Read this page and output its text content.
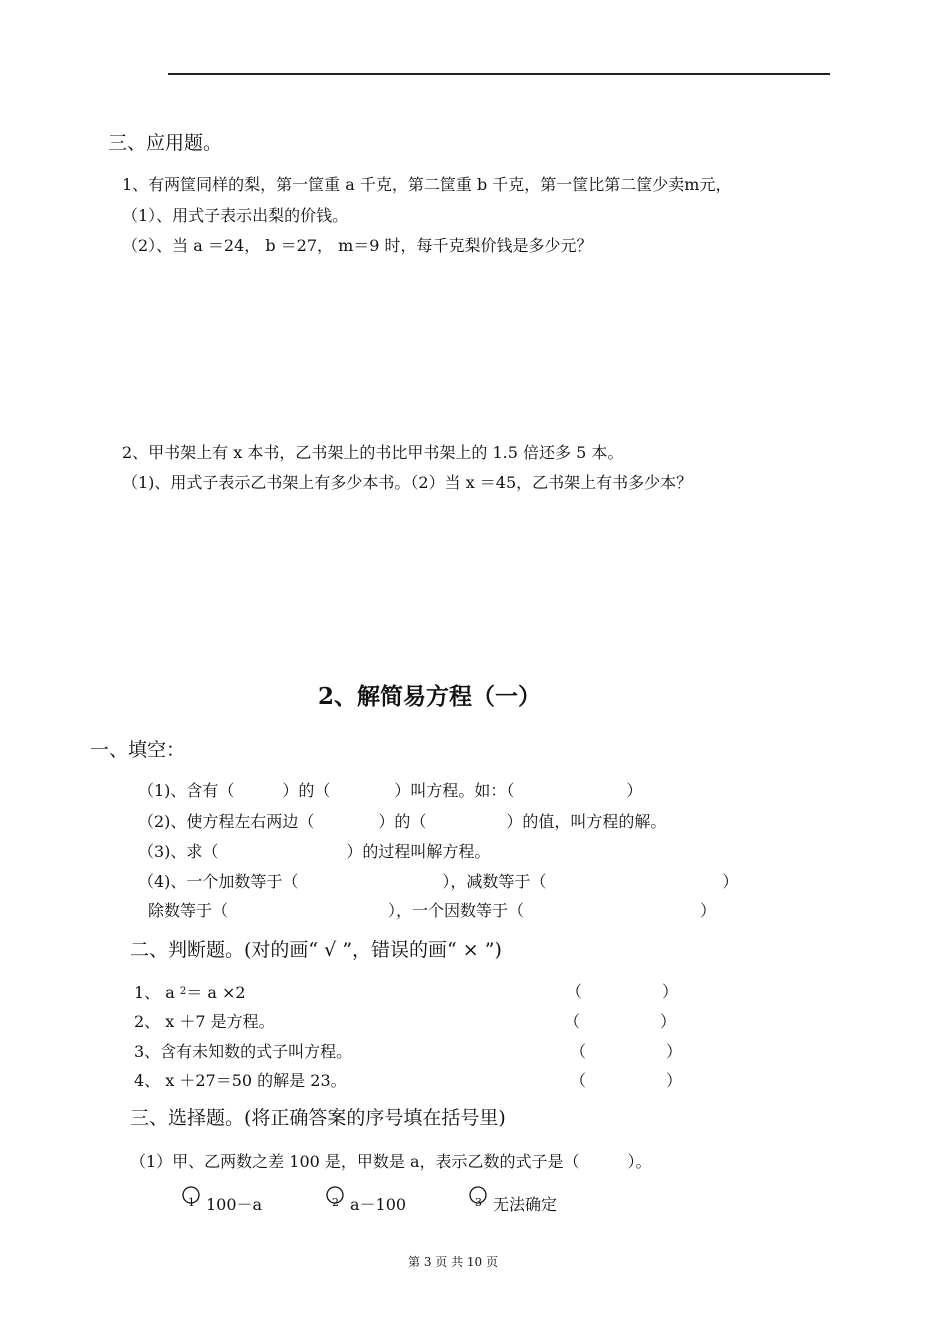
三、应用题。
1、有两筐同样的梨，第一筐重 a 千克，第二筐重 b 千克，第一筐比第二筐少卖m元，
（1）、用式子表示出梨的价钱。
（2）、当 a ＝24， b ＝27， m＝9 时，每千克梨价钱是多少元？
2、甲书架上有 x 本书，乙书架上的书比甲书架上的 1.5 倍还多 5 本。
（1)、用式子表示乙书架上有多少本书。（2）当 x ＝45，乙书架上有书多少本？
2、解简易方程（一）
一、填空：
（1)、含有（　　　）的（　　　　）叫方程。如：（　　　　　　　）
（2)、使方程左右两边（　　　　）的（　　　　　）的值，叫方程的解。
（3)、求（　　　　　　　　）的过程叫解方程。
（4)、一个加数等于（　　　　　　　　　），减数等于（　　　　　　　　　　　）
除数等于（　　　　　　　　　　），一个因数等于（　　　　　　　　　　　）
二、判断题。(对的画“ √ ”，错误的画“ × ”)
1、 a $^2$＝ a ×2	（　　　　　）
2、 x ＋7 是方程。	（　　　　　）
3、含有未知数的式子叫方程。	（　　　　　）
4、 x ＋27＝50 的解是 23。	（　　　　　）
三、选择题。(将正确答案的序号填在括号里)
（1）甲、乙两数之差 100 是，甲数是 a，表示乙数的式子是（　　　）。
1 100－a	2 a－100	3 无法确定
第 3 页 共 10 页
